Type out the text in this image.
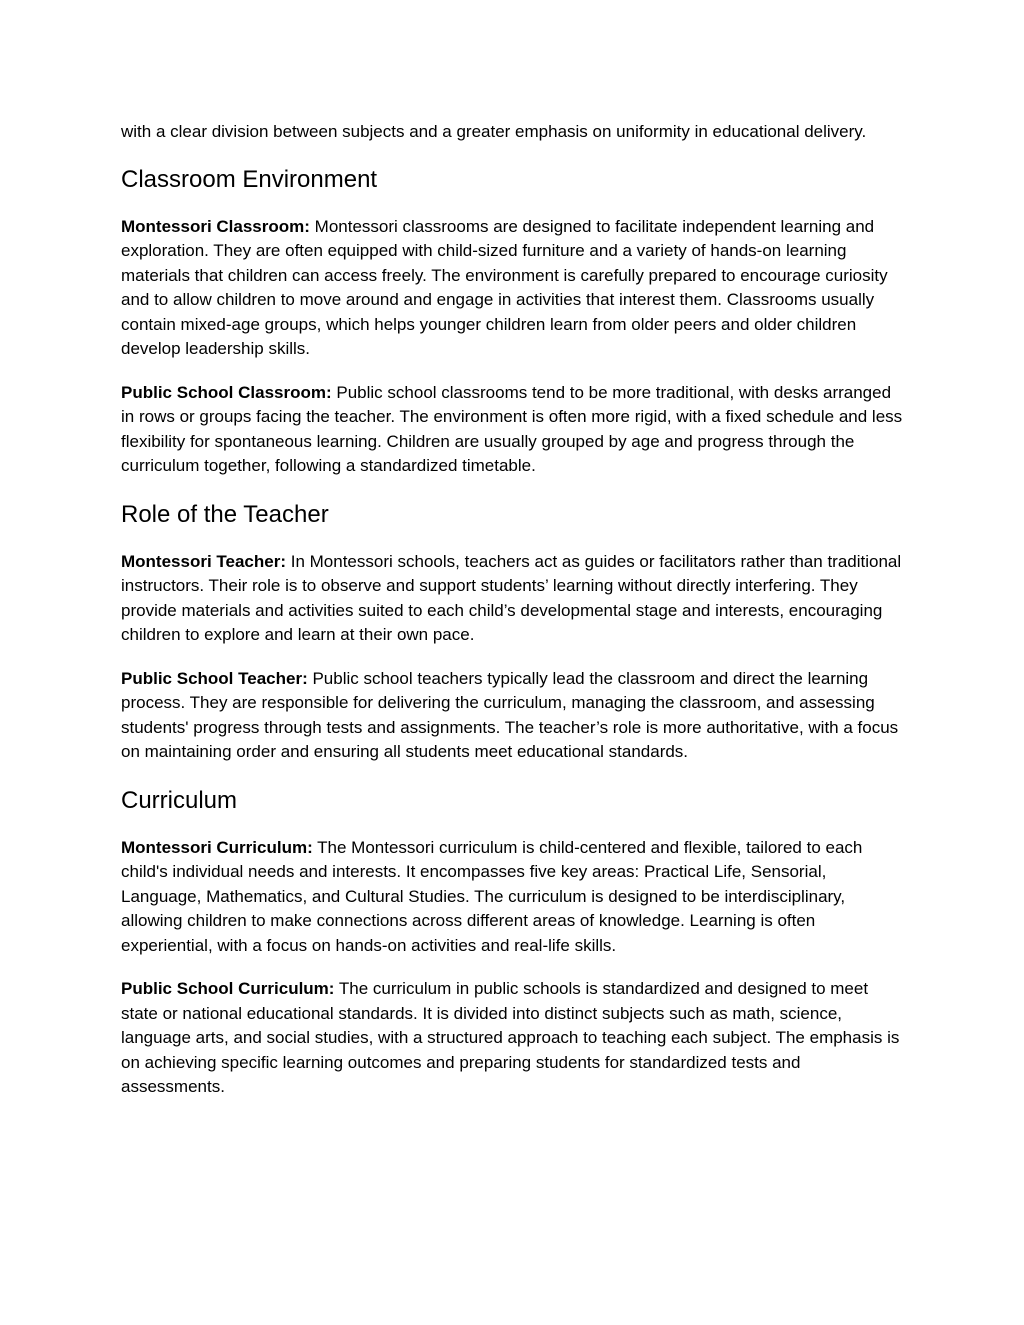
with a clear division between subjects and a greater emphasis on uniformity in educational delivery.

Classroom Environment

Montessori Classroom: Montessori classrooms are designed to facilitate independent learning and exploration. They are often equipped with child-sized furniture and a variety of hands-on learning materials that children can access freely. The environment is carefully prepared to encourage curiosity and to allow children to move around and engage in activities that interest them. Classrooms usually contain mixed-age groups, which helps younger children learn from older peers and older children develop leadership skills.

Public School Classroom: Public school classrooms tend to be more traditional, with desks arranged in rows or groups facing the teacher. The environment is often more rigid, with a fixed schedule and less flexibility for spontaneous learning. Children are usually grouped by age and progress through the curriculum together, following a standardized timetable.

Role of the Teacher

Montessori Teacher: In Montessori schools, teachers act as guides or facilitators rather than traditional instructors. Their role is to observe and support students’ learning without directly interfering. They provide materials and activities suited to each child’s developmental stage and interests, encouraging children to explore and learn at their own pace.

Public School Teacher: Public school teachers typically lead the classroom and direct the learning process. They are responsible for delivering the curriculum, managing the classroom, and assessing students' progress through tests and assignments. The teacher’s role is more authoritative, with a focus on maintaining order and ensuring all students meet educational standards.

Curriculum

Montessori Curriculum: The Montessori curriculum is child-centered and flexible, tailored to each child's individual needs and interests. It encompasses five key areas: Practical Life, Sensorial, Language, Mathematics, and Cultural Studies. The curriculum is designed to be interdisciplinary, allowing children to make connections across different areas of knowledge. Learning is often experiential, with a focus on hands-on activities and real-life skills.

Public School Curriculum: The curriculum in public schools is standardized and designed to meet state or national educational standards. It is divided into distinct subjects such as math, science, language arts, and social studies, with a structured approach to teaching each subject. The emphasis is on achieving specific learning outcomes and preparing students for standardized tests and assessments.
